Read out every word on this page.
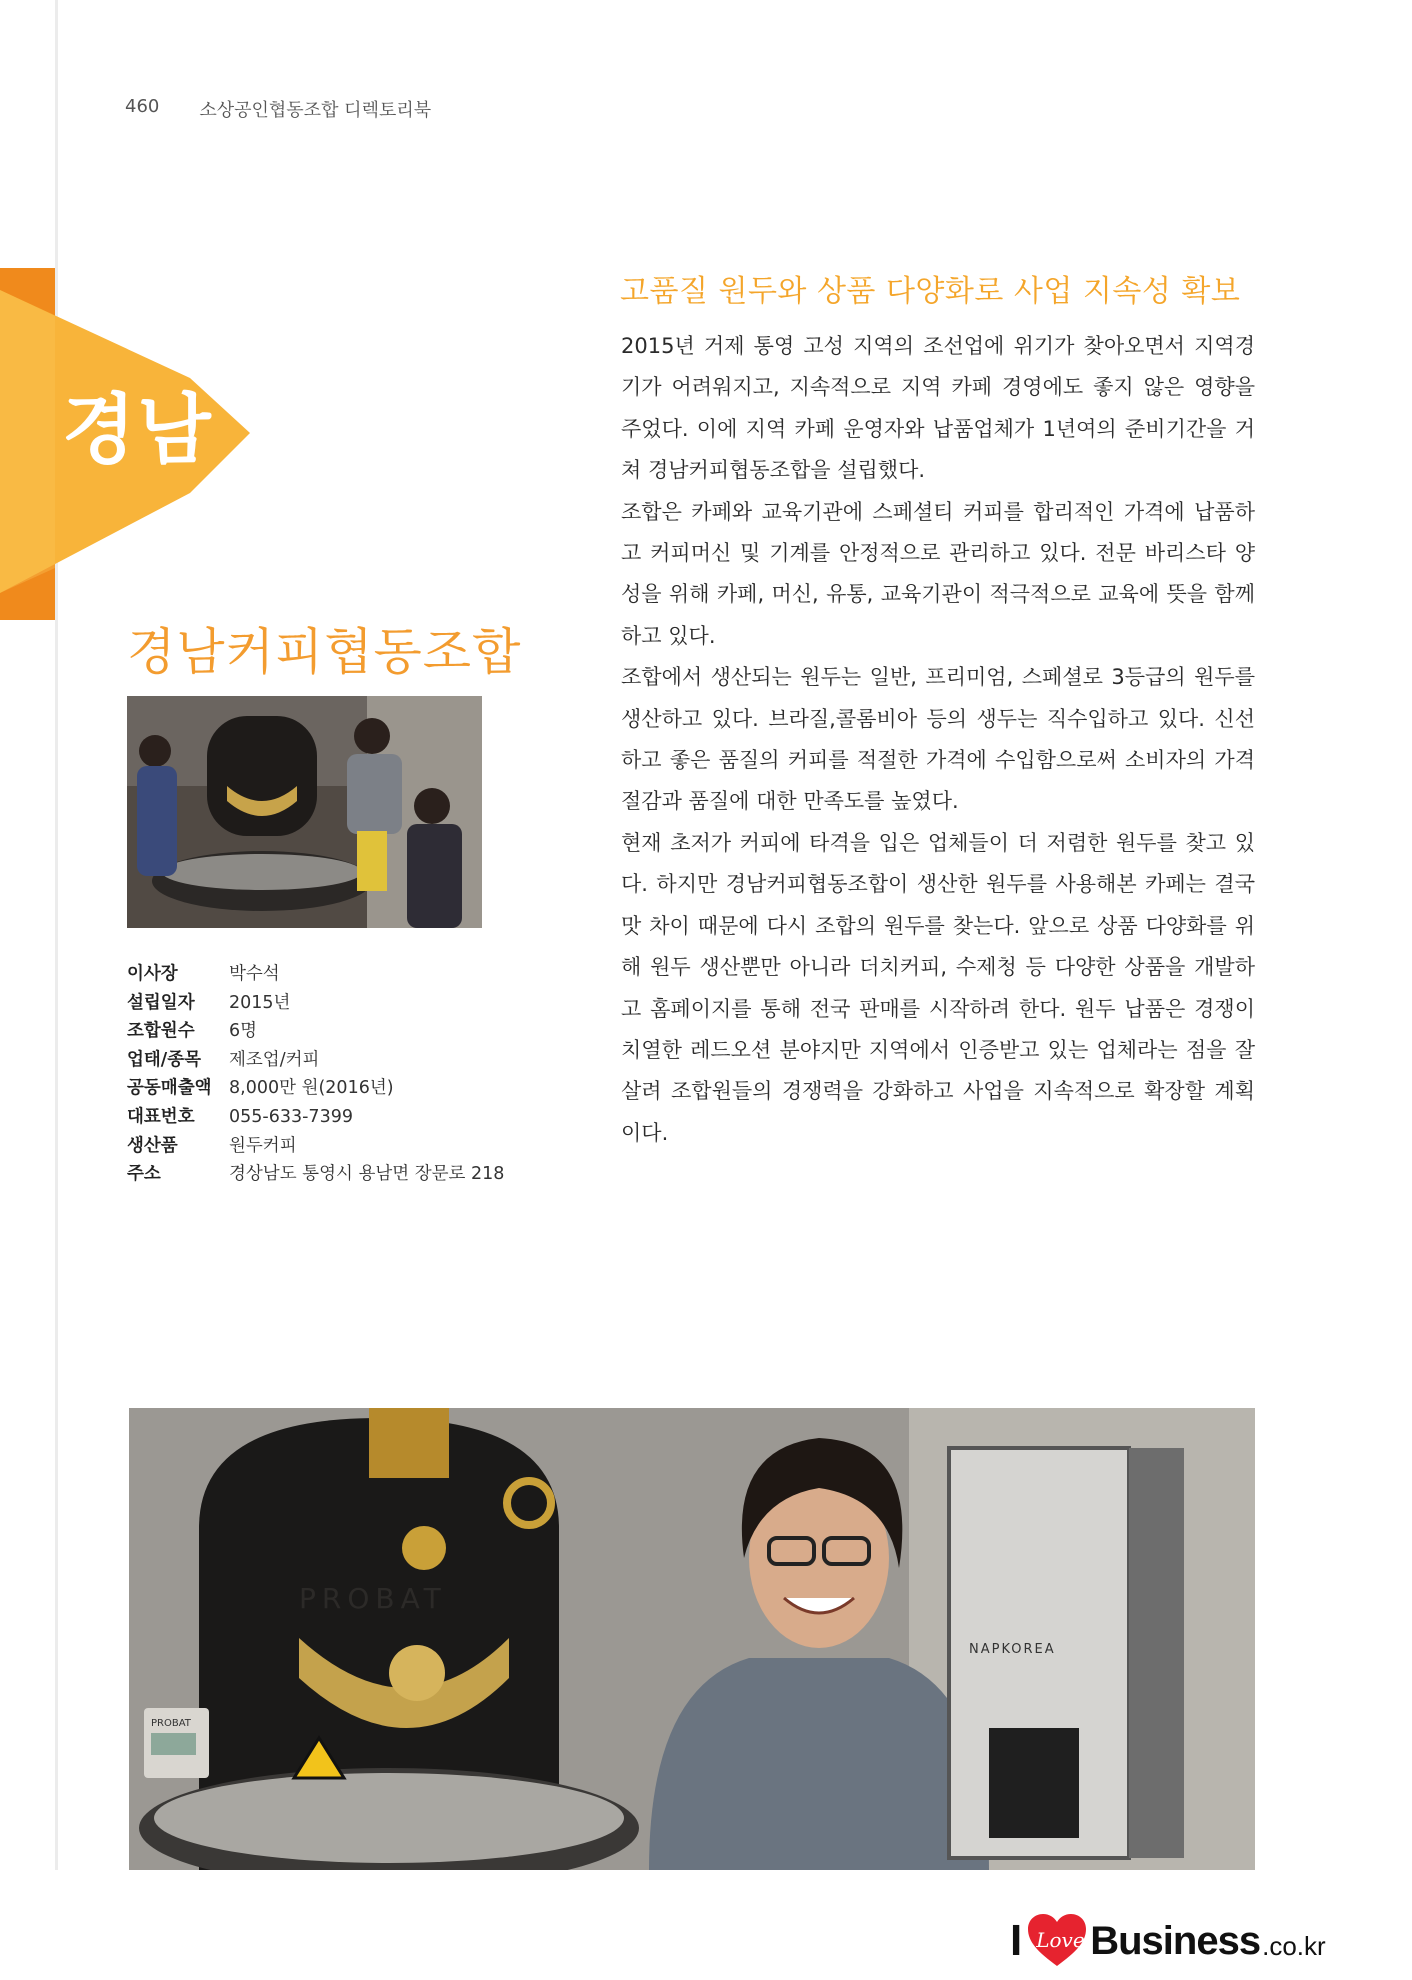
460 소상공인협동조합 디렉토리북
경남
경남커피협동조합
이사장	박수석
설립일자	2015년
조합원수	6명
업태/종목	제조업/커피
공동매출액 8,000만 원(2016년)
대표번호	055-633-7399
생산품	원두커피
주소	경상남도 통영시 용남면 장문로 218
고품질 원두와 상품 다양화로 사업 지속성 확보

2015년 거제 통영 고성 지역의 조선업에 위기가 찾아오면서 지역경기가 어려워지고, 지속적으로 지역 카페 경영에도 좋지 않은 영향을 주었다. 이에 지역 카페 운영자와 납품업체가 1년여의 준비기간을 거쳐 경남커피협동조합을 설립했다.

조합은 카페와 교육기관에 스페셜티 커피를 합리적인 가격에 납품하고 커피머신 및 기계를 안정적으로 관리하고 있다. 전문 바리스타 양성을 위해 카페, 머신, 유통, 교육기관이 적극적으로 교육에 뜻을 함께하고 있다.

조합에서 생산되는 원두는 일반, 프리미엄, 스페셜로 3등급의 원두를 생산하고 있다. 브라질,콜롬비아 등의 생두는 직수입하고 있다. 신선하고 좋은 품질의 커피를 적절한 가격에 수입함으로써 소비자의 가격 절감과 품질에 대한 만족도를 높였다.

현재 초저가 커피에 타격을 입은 업체들이 더 저렴한 원두를 찾고 있다. 하지만 경남커피협동조합이 생산한 원두를 사용해본 카페는 결국 맛 차이 때문에 다시 조합의 원두를 찾는다. 앞으로 상품 다양화를 위해 원두 생산뿐만 아니라 더치커피, 수제청 등 다양한 상품을 개발하고 홈페이지를 통해 전국 판매를 시작하려 한다. 원두 납품은 경쟁이 치열한 레드오션 분야지만 지역에서 인증받고 있는 업체라는 점을 잘 살려 조합원들의 경쟁력을 강화하고 사업을 지속적으로 확장할 계획이다.

PROBAT
PROBAT
NAPKOREA
I Love Business .co.kr
